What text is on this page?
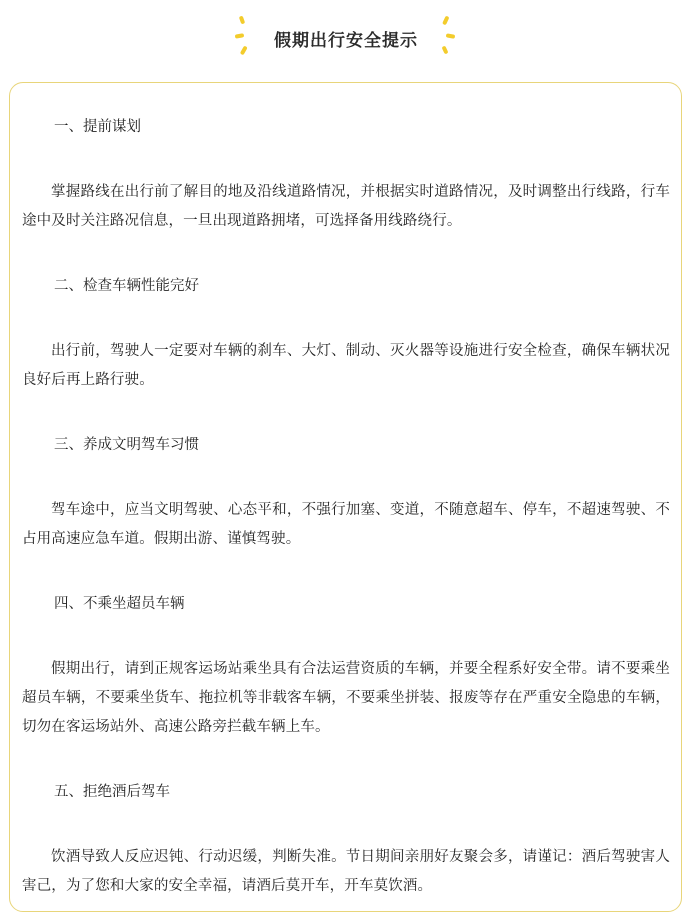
假期出行安全提示

一、提前谋划

掌握路线在出行前了解目的地及沿线道路情况，并根据实时道路情况，及时调整出行线路，行车途中及时关注路况信息，一旦出现道路拥堵，可选择备用线路绕行。

二、检查车辆性能完好

出行前，驾驶人一定要对车辆的刹车、大灯、制动、灭火器等设施进行安全检查，确保车辆状况良好后再上路行驶。

三、养成文明驾车习惯

驾车途中，应当文明驾驶、心态平和，不强行加塞、变道，不随意超车、停车，不超速驾驶、不占用高速应急车道。假期出游、谨慎驾驶。

四、不乘坐超员车辆

假期出行，请到正规客运场站乘坐具有合法运营资质的车辆，并要全程系好安全带。请不要乘坐超员车辆，不要乘坐货车、拖拉机等非载客车辆，不要乘坐拼装、报废等存在严重安全隐患的车辆，切勿在客运场站外、高速公路旁拦截车辆上车。

五、拒绝酒后驾车

饮酒导致人反应迟钝、行动迟缓，判断失准。节日期间亲朋好友聚会多，请谨记：酒后驾驶害人害己，为了您和大家的安全幸福，请酒后莫开车，开车莫饮酒。
